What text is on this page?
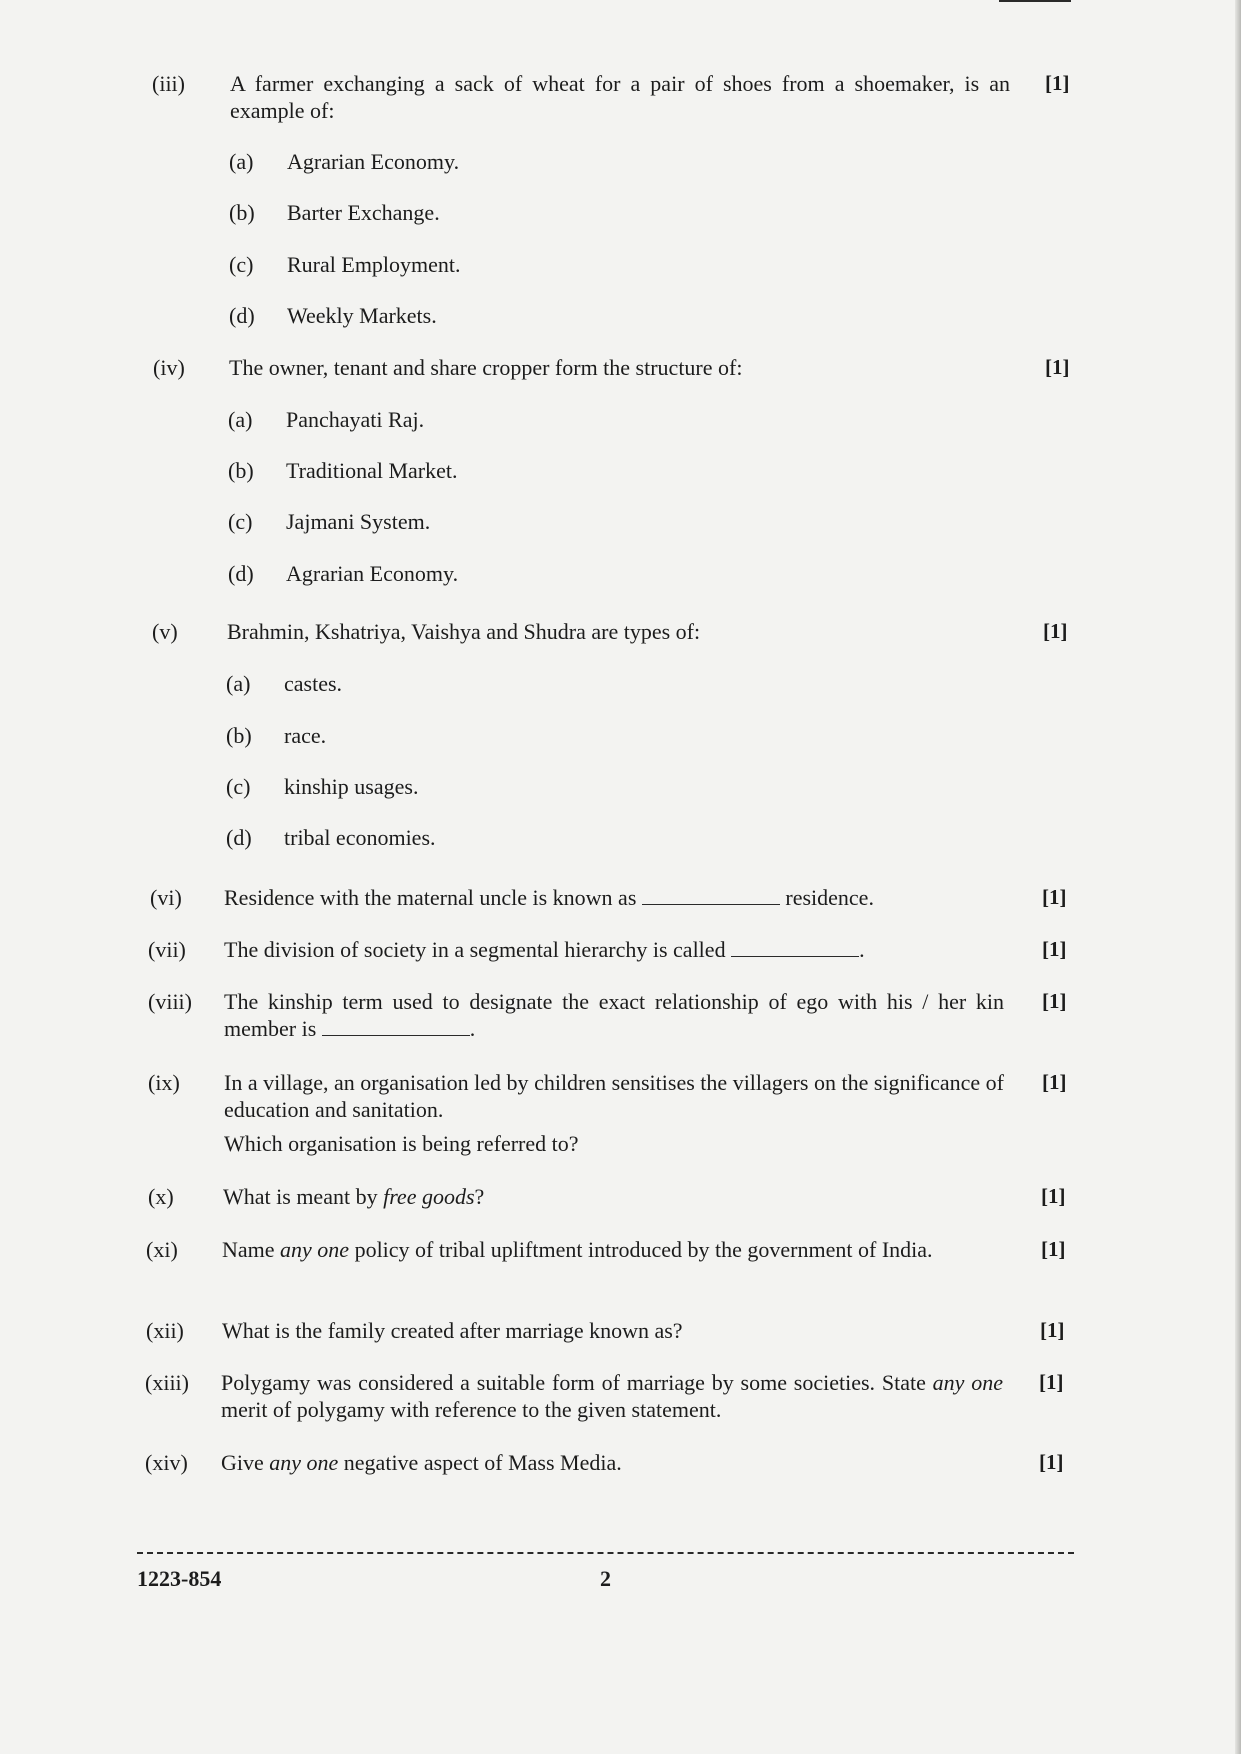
(iii)	A farmer exchanging a sack of wheat for a pair of shoes from a shoemaker, is an example of:

[1]
(a) Agrarian Economy.
(b) Barter Exchange.
(c) Rural Employment.
(d) Weekly Markets.
(iv)	The owner, tenant and share cropper form the structure of:	[1]
(a) Panchayati Raj.
(b) Traditional Market.
(c) Jajmani System.
(d) Agrarian Economy.
(v)	Brahmin, Kshatriya, Vaishya and Shudra are types of:	[1]
(a) castes.
(b) race.
(c) kinship usages.
(d) tribal economies.
(vi)	Residence with the maternal uncle is known as	residence.	[1]
(vii)	The division of society in a segmental hierarchy is called	.	[1]
(viii)	The kinship term used to designate the exact relationship of ego with his / her kin member is	.

[1]
(ix)	In a village, an organisation led by children sensitises the villagers on the significance of education and sanitation.

Which organisation is being referred to?

[1]
(x)	What is meant by free goods?	[1]
(xi)	Name any one policy of tribal upliftment introduced by the government of India.	[1]
(xii)	What is the family created after marriage known as?	[1]
(xiii)	Polygamy was considered a suitable form of marriage by some societies. State any one merit of polygamy with reference to the given statement.

[1]
(xiv)	Give any one negative aspect of Mass Media.	[1]
1223-854	2
